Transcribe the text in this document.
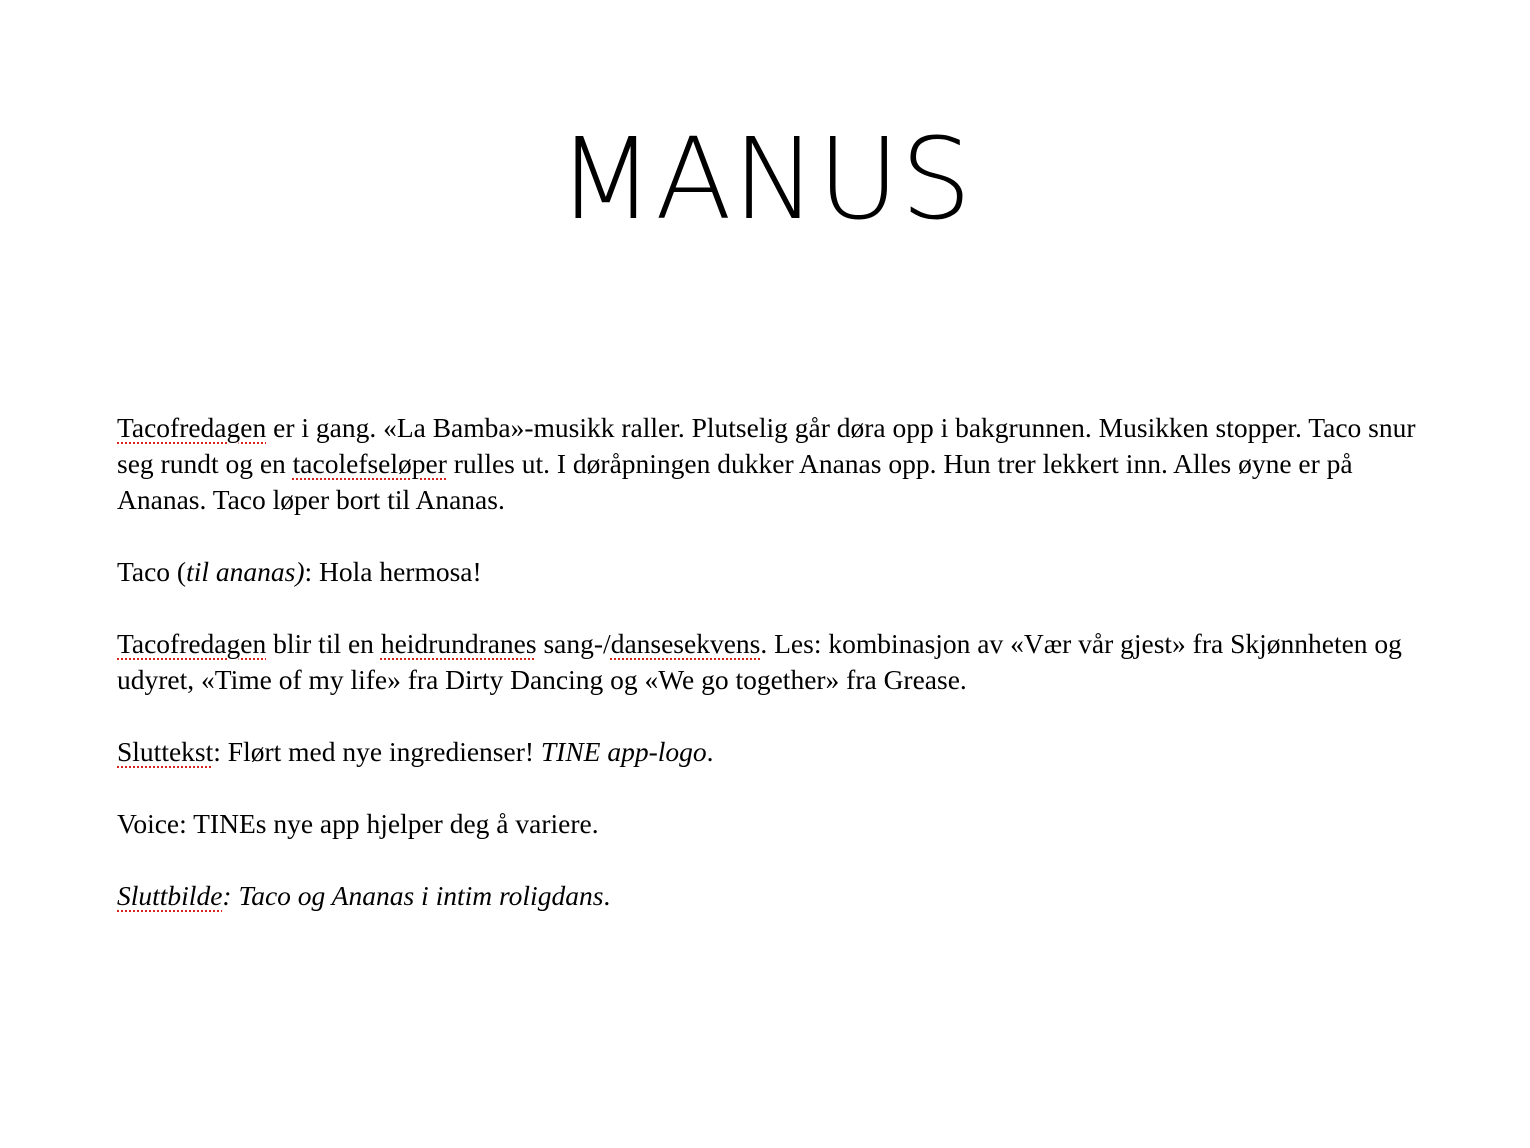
MANUS

Tacofredagen er i gang. «La Bamba»-musikk raller. Plutselig går døra opp i bakgrunnen. Musikken stopper. Taco snur seg rundt og en tacolefseløper rulles ut. I døråpningen dukker Ananas opp. Hun trer lekkert inn. Alles øyne er på Ananas. Taco løper bort til Ananas.

Taco (til ananas): Hola hermosa!

Tacofredagen blir til en heidrundranes sang-/dansesekvens. Les: kombinasjon av «Vær vår gjest» fra Skjønnheten og udyret, «Time of my life» fra Dirty Dancing og «We go together» fra Grease.

Sluttekst: Flørt med nye ingredienser! TINE app-logo.

Voice: TINEs nye app hjelper deg å variere.

Sluttbilde: Taco og Ananas i intim roligdans.
